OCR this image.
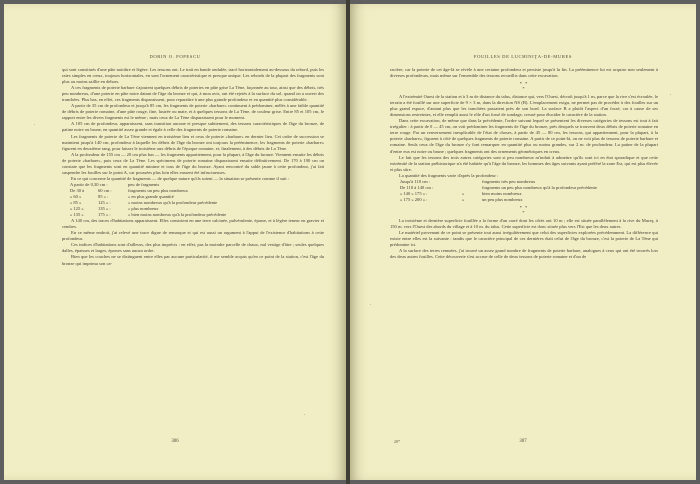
DORIN O. POPESCU

qui sont constitués d'une pâte noirâtre et légère. Les tessons ont. Le trait en bande ondulée, tracé horizontalement au-dessous du rebord, puis les raies simples en creux, toujours horizontales, en sont l'ornement caractéristique et presque unique. Les rebords de la plupart des fragments sont plus ou moins saillie en dehors.

A ces fragments de poterie barbare s'ajoutent quelques débris de poteries en pâte grise La Tène, façonnée au tour, ainsi que des débris, très peu nombreux, d'une poterie en pâte noire datant de l'âge du bronze et qui, à mon avis, ont été rejetés à la surface du sol, quand on a ouvert des tranchées. Plus bas, en effet, ces fragments disparaissent, pour reparaître à une plus grande profondeur et en quantité plus considérable.

A partir de 35 cm de profondeur et jusqu'à 85 cm, les fragments de poterie «barbare» continuent à prédominer, mêlés à une faible quantité de débris de poterie romaine, d'une pâte rouge, fine, lustrée ou mate, et à quelques tessons de La Tène, de couleur grise. Entre 85 et 105 cm, le rapport entre les divers fragments est le même ; mais ceux de La Tène disparaissent pour le moment.

A 105 cm de profondeur, apparaissent, sans transition aucune et presque subitement, des tessons caractéristiques de l'âge du bronze, de patine noire ou brune, en quantité assez grande et égale à celle des fragments de poterie romaine.

Les fragments de poterie de La Tène viennent en troisième lieu et ceux de poterie «barbare» en dernier lieu. Cet ordre de succession se maintient jusqu'à 140 cm, profondeur à laquelle les débris de l'âge du bronze ont toujours la prééminence, les fragments de poterie «barbare» figurent en deuxième rang, pour laisser le troisième aux débris de l'époque romaine, et, finalement, à des débris de La Tène.

A la profondeur de 155 cm — 20 cm plus bas — les fragments appartiennent, pour la plupart, à l'âge du bronze. Viennent ensuite les débris de poterie «barbare», puis ceux de La Tène. Les spécimens de poterie romaine disparaissent ensuite définitivement. De 170 à 190 cm on constate que les fragments sont en quantité minime et tous de l'âge du bronze. Ayant rencontré du sable jaune à cette profondeur, j'ai fait suspendre les fouilles sur le point A, car poussées plus loin elles eussent été infructueuses.

En ce qui concerne la quantité de fragments — de quelque nature qu'ils soient — la situation se présente comme il suit :

A partir de 0,30 cm :	peu de fragments
De 30 à	60 cm :	fragments un peu plus nombreux
» 60 »	85 » :	» en plus grande quantité
» 85 »	125 » :	» moins nombreux qu'à la profondeur précédente
» 125 »	135 » :	» plus nombreux
» 135 »	175 » :	» bien moins nombreux qu'à la profondeur précédente

A 140 cm, des traces d'habitations apparaissent. Elles consistent en une terre calcinée, pulvérulente, éparse, et à légère teneur en gravier et cendres.

En ce même endroit, j'ai relevé une trace digne de remarque et qui est aussi un argument à l'appui de l'existence d'habitations à cette profondeur.

Ces indices d'habitations sont d'ailleurs, des plus imprécis : en effet, pas la moindre parcelle de chaux, nul vestige d'âtre ; seules quelques dalles, épaisses et larges, éparses sans aucun ordre.

Bien que les couches ne se distinguent entre elles par aucune particularité, il me semble acquis qu'en ce point de la station, c'est l'âge du bronze qui imprima son ca-

306
FOUILLES DE LUCHINIŢA-DE-MURES

ractère, car la poterie de cet âge-là se révèle à une certaine profondeur et persiste jusqu'à la fin. La prééminence lui est acquise non seulement à diverses profondeurs, mais même sur l'ensemble des tessons recueillis dans cette excavation.

* *
*

A l'extrémité Ouest de la station et à 3 m de distance du talus, distance qui, vers l'Ouest, décroît jusqu'à 1 m, parce que la rive s'est écroulée, le terrain a été fouillé sur une superficie de 9 × 3 m, dans la direction NS (B). L'emplacement exigu, ne permet pas de procéder à des fouilles sur un plus grand espace, d'autant plus que les tranchées passaient près de son bord. La surface B a plutôt l'aspect d'un fossé, car à cause de ses dimensions restreintes, et elle remplit aussi le rôle d'un fossé de sondage, creusé pour élucider le caractère de la station.

Dans cette excavation, de même que dans la précédente, l'ordre suivant lequel se présentent les diverses catégories de tessons est tout à fait irrégulier : à partir de 0 — 45 cm, on voit prédominer les fragments de l'âge du bronze, près desquels se trouvent deux débris de poterie romaine en terre rouge. Par un renversement inexplicable de l'état de choses, à partir de 45 — 80 cm, les tessons, qui appartiennent, pour la plupart, à la poterie «barbare», figurent à côté de quelques fragments de poterie romaine. A partir de ce point-là, on ne voit plus de tessons de poterie barbare et romaine. Seuls ceux de l'âge du bronze s'y font remarquer en quantité plus ou moins grandes, sur 2 m. de profondeur. La patine de la plupart d'entre eux est noire ou brune ; quelques fragments ont des ornements géométriques en creux.

Le fait que les tessons des trois autres catégories sont si peu nombreux m'induit à admettre qu'ils sont ici en état sporadique et que cette extrémité de la station préhistorique n'a été habitée qu'à l'âge du bronze, les hommes des âges suivants ayant préféré la zone Est, qui est plus élevée et plus sûre.

La quantité des fragments varie d'après la profondeur :

Jusqu'à 110 cm :	fragments très peu nombreux
De 110 à 140 cm :	fragments un peu plus nombreux qu'à la profondeur précédente
» 140 » 175 » :	»	bien moins nombreux
» 175 » 200 » :	»	un peu plus nombreux
* *
*

La troisième et dernière superficie fouillée a la forme d'un carré dont les côtés ont 10 m ; elle est située parallèlement à la rive du Mureş, à 150 m. vers l'Ouest des abords du village et à 10 m. du talus. Cette superficie est donc située plus vers l'Est que les deux autres.

Le matériel provenant de ce point se présente tout aussi irrégulièrement que celui des superficies explorées précédemment. La différence qui existe entre elles est la suivante : tandis que le caractère principal de ces dernières était celui de l'âge du bronze, c'est la poterie de La Tène qui prédomine ici.

A la surface des terres remuées, j'ai trouvé un assez grand nombre de fragments de poterie barbare, analogues à ceux qui ont été trouvés lors des deux autres fouilles. Cette découverte s'est accrue de celle de deux tessons de poterie romaine et d'un de

20*	307
